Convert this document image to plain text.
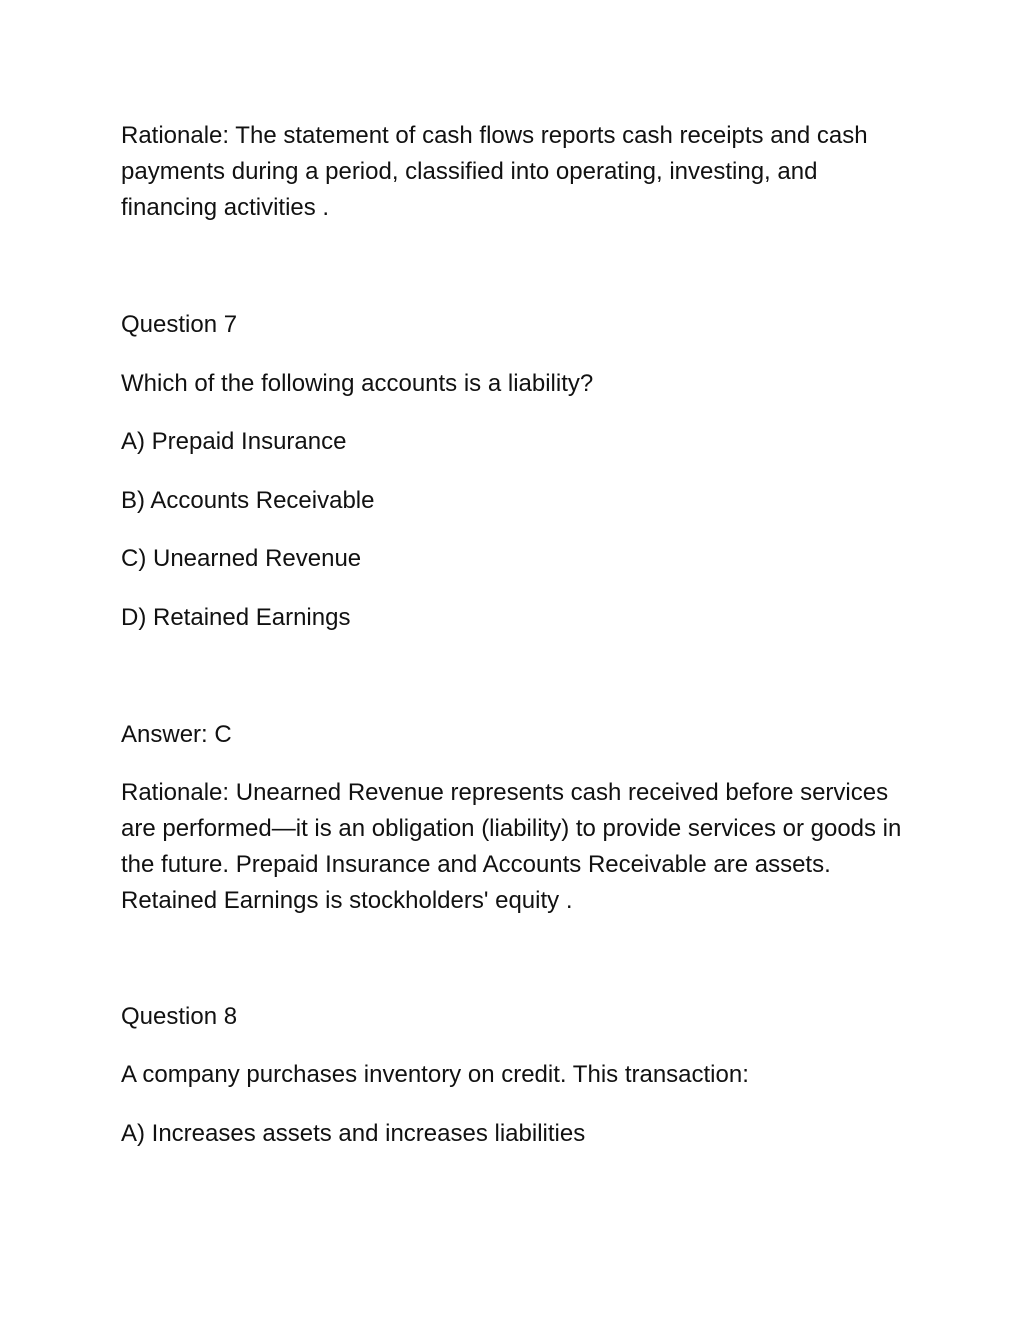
Rationale: The statement of cash flows reports cash receipts and cash payments during a period, classified into operating, investing, and financing activities .

Question 7

Which of the following accounts is a liability?

A) Prepaid Insurance

B) Accounts Receivable

C) Unearned Revenue

D) Retained Earnings

Answer: C

Rationale: Unearned Revenue represents cash received before services are performed—it is an obligation (liability) to provide services or goods in the future. Prepaid Insurance and Accounts Receivable are assets. Retained Earnings is stockholders' equity .

Question 8

A company purchases inventory on credit. This transaction:

A) Increases assets and increases liabilities
